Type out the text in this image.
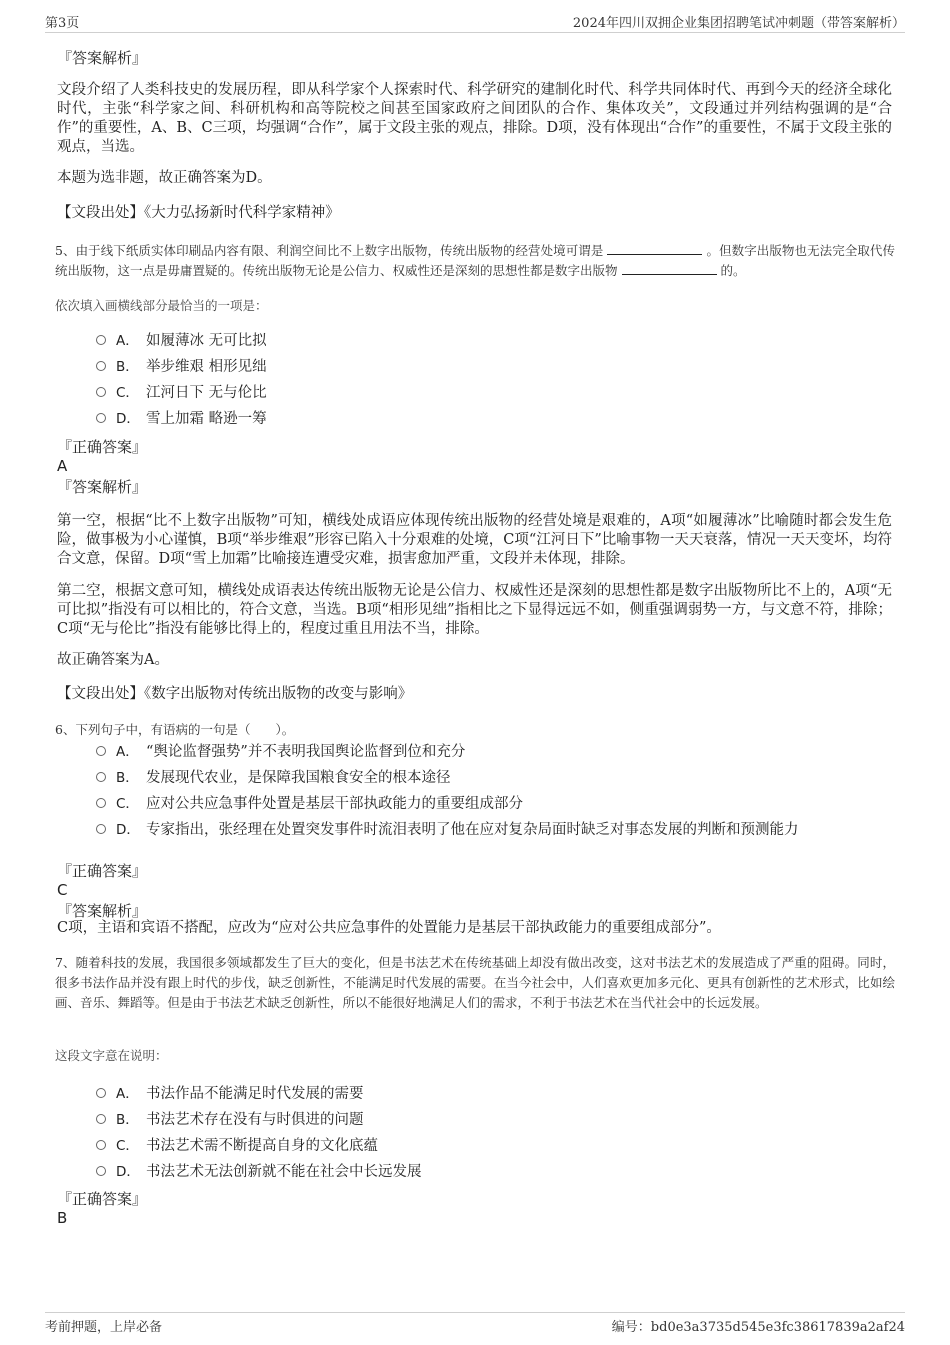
第3页	2024年四川双拥企业集团招聘笔试冲刺题（带答案解析）
『答案解析』
文段介绍了人类科技史的发展历程，即从科学家个人探索时代、科学研究的建制化时代、科学共同体时代、再到今天的经济全球化时代，主张“科学家之间、科研机构和高等院校之间甚至国家政府之间团队的合作、集体攻关”，文段通过并列结构强调的是“合作”的重要性，A、B、C三项，均强调“合作”，属于文段主张的观点，排除。D项，没有体现出“合作”的重要性，不属于文段主张的观点，当选。
本题为选非题，故正确答案为D。
【文段出处】《大力弘扬新时代科学家精神》
5、由于线下纸质实体印刷品内容有限、利润空间比不上数字出版物，传统出版物的经营处境可谓是	。但数字出版物也无法完全取代传统出版物，这一点是毋庸置疑的。传统出版物无论是公信力、权威性还是深刻的思想性都是数字出版物	的。
依次填入画横线部分最恰当的一项是：
A． 如履薄冰 无可比拟
B． 举步维艰 相形见绌
C． 江河日下 无与伦比
D． 雪上加霜 略逊一筹
『正确答案』
A
『答案解析』
第一空，根据“比不上数字出版物”可知，横线处成语应体现传统出版物的经营处境是艰难的，A项“如履薄冰”比喻随时都会发生危险，做事极为小心谨慎，B项“举步维艰”形容已陷入十分艰难的处境，C项“江河日下”比喻事物一天天衰落，情况一天天变坏，均符合文意，保留。D项“雪上加霜”比喻接连遭受灾难，损害愈加严重，文段并未体现，排除。
第二空，根据文意可知，横线处成语表达传统出版物无论是公信力、权威性还是深刻的思想性都是数字出版物所比不上的，A项“无可比拟”指没有可以相比的，符合文意，当选。B项“相形见绌”指相比之下显得远远不如，侧重强调弱势一方，与文意不符，排除；C项“无与伦比”指没有能够比得上的，程度过重且用法不当，排除。
故正确答案为A。
【文段出处】《数字出版物对传统出版物的改变与影响》
6、下列句子中，有语病的一句是（　　）。
A． “舆论监督强势”并不表明我国舆论监督到位和充分
B． 发展现代农业，是保障我国粮食安全的根本途径
C． 应对公共应急事件处置是基层干部执政能力的重要组成部分
D． 专家指出，张经理在处置突发事件时流泪表明了他在应对复杂局面时缺乏对事态发展的判断和预测能力
『正确答案』
C
『答案解析』
C项，主语和宾语不搭配，应改为“应对公共应急事件的处置能力是基层干部执政能力的重要组成部分”。
7、随着科技的发展，我国很多领域都发生了巨大的变化，但是书法艺术在传统基础上却没有做出改变，这对书法艺术的发展造成了严重的阻碍。同时，很多书法作品并没有跟上时代的步伐，缺乏创新性，不能满足时代发展的需要。在当今社会中，人们喜欢更加多元化、更具有创新性的艺术形式，比如绘画、音乐、舞蹈等。但是由于书法艺术缺乏创新性，所以不能很好地满足人们的需求，不利于书法艺术在当代社会中的长远发展。
这段文字意在说明：
A． 书法作品不能满足时代发展的需要
B． 书法艺术存在没有与时俱进的问题
C． 书法艺术需不断提高自身的文化底蕴
D． 书法艺术无法创新就不能在社会中长远发展
『正确答案』
B
考前押题，上岸必备	编号：bd0e3a3735d545e3fc38617839a2af24
